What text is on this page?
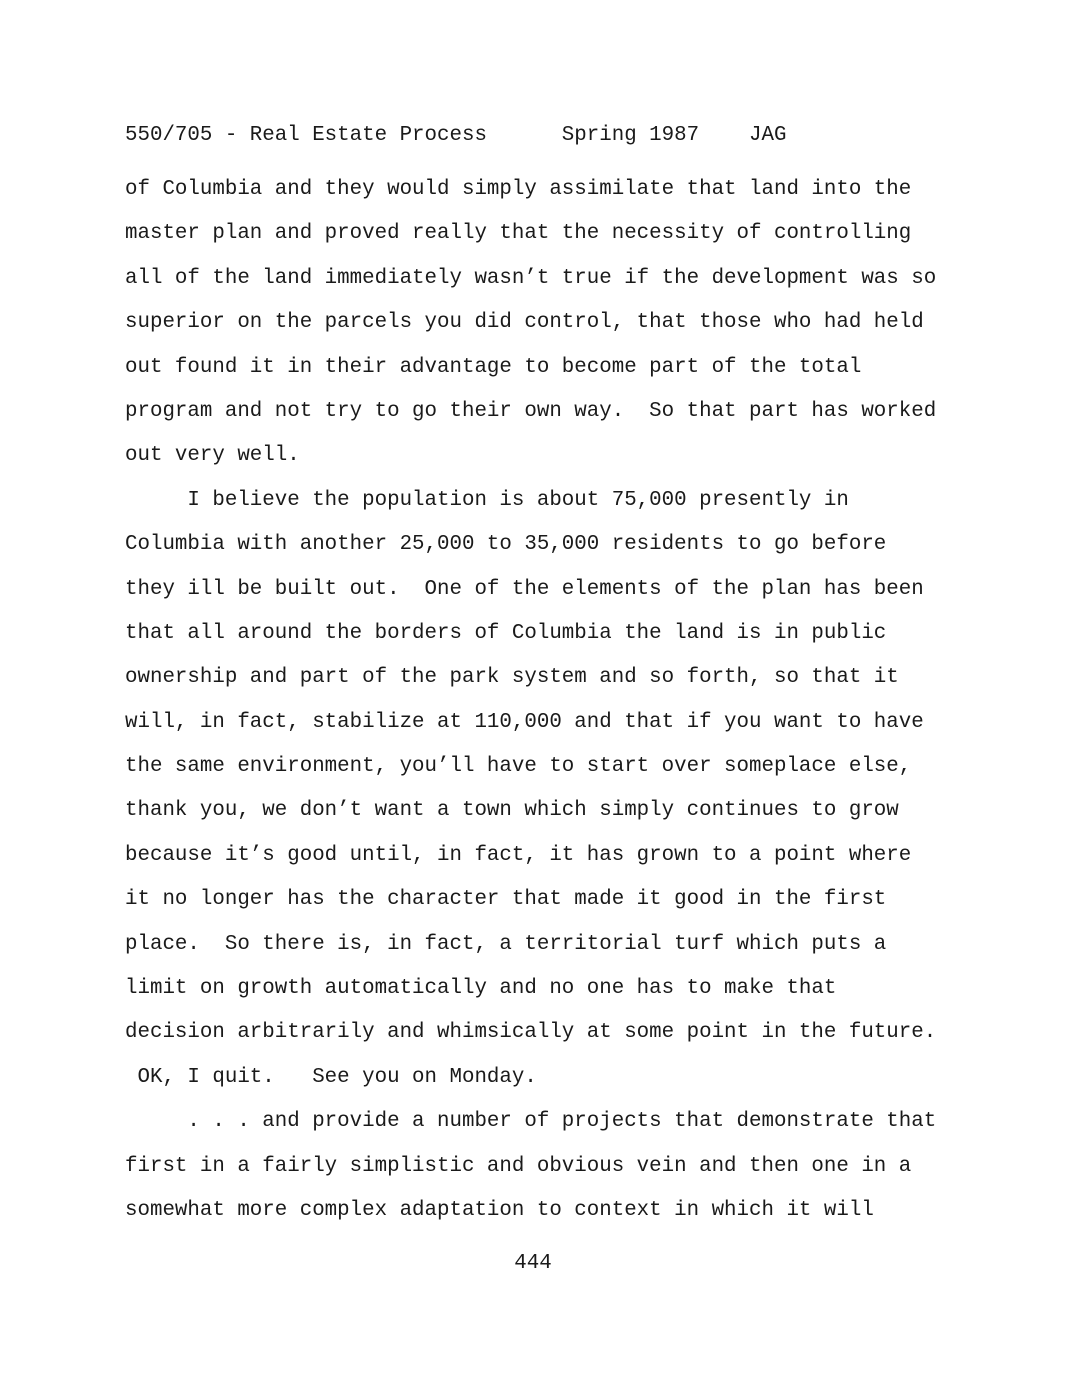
550/705 - Real Estate Process      Spring 1987    JAG
of Columbia and they would simply assimilate that land into the
master plan and proved really that the necessity of controlling
all of the land immediately wasn’t true if the development was so
superior on the parcels you did control, that those who had held
out found it in their advantage to become part of the total
program and not try to go their own way.  So that part has worked
out very well.
I believe the population is about 75,000 presently in
Columbia with another 25,000 to 35,000 residents to go before
they ill be built out.  One of the elements of the plan has been
that all around the borders of Columbia the land is in public
ownership and part of the park system and so forth, so that it
will, in fact, stabilize at 110,000 and that if you want to have
the same environment, you’ll have to start over someplace else,
thank you, we don’t want a town which simply continues to grow
because it’s good until, in fact, it has grown to a point where
it no longer has the character that made it good in the first
place.  So there is, in fact, a territorial turf which puts a
limit on growth automatically and no one has to make that
decision arbitrarily and whimsically at some point in the future.
OK, I quit.   See you on Monday.
. . . and provide a number of projects that demonstrate that
first in a fairly simplistic and obvious vein and then one in a
somewhat more complex adaptation to context in which it will
444
